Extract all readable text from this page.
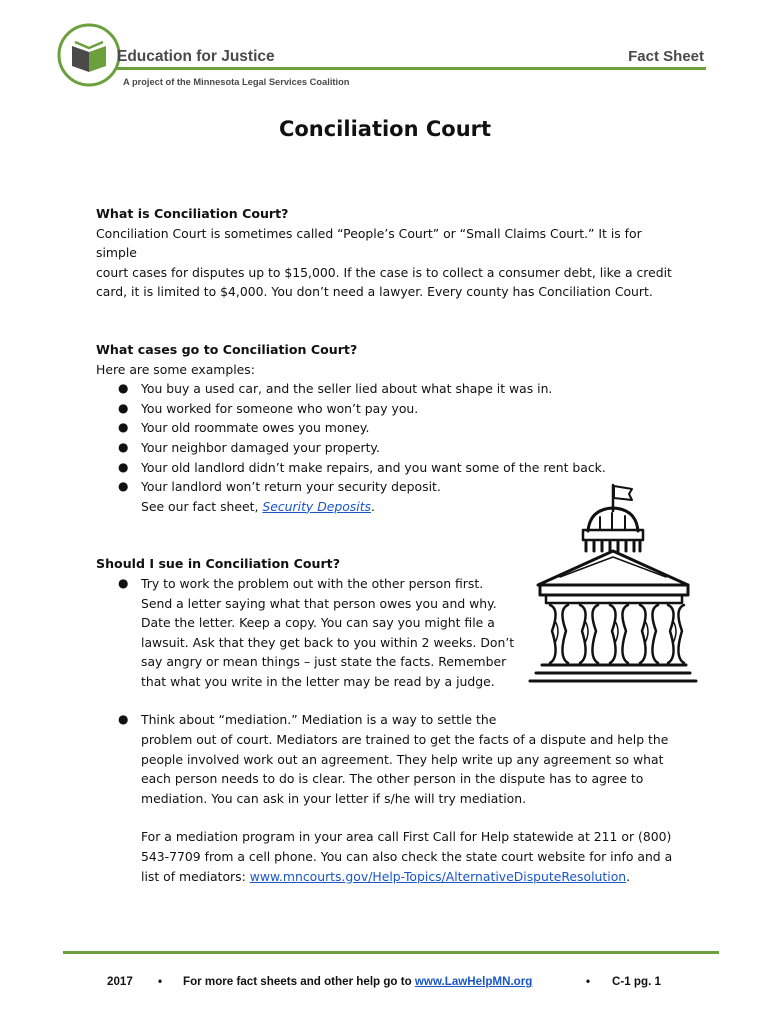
Education for Justice
A project of the Minnesota Legal Services Coalition
Fact Sheet
Conciliation Court
What is Conciliation Court?

Conciliation Court is sometimes called “People’s Court” or “Small Claims Court.” It is for simple

court cases for disputes up to $15,000. If the case is to collect a consumer debt, like a credit

card, it is limited to $4,000. You don’t need a lawyer. Every county has Conciliation Court.

What cases go to Conciliation Court?

Here are some examples:

● You buy a used car, and the seller lied about what shape it was in.
● You worked for someone who won’t pay you.
● Your old roommate owes you money.
● Your neighbor damaged your property.
● Your old landlord didn’t make repairs, and you want some of the rent back.
● Your landlord won’t return your security deposit.
See our fact sheet, Security Deposits.
Should I sue in Conciliation Court?
● Try to work the problem out with the other person first.
Send a letter saying what that person owes you and why.
Date the letter. Keep a copy. You can say you might file a
lawsuit. Ask that they get back to you within 2 weeks. Don’t
say angry or mean things – just state the facts. Remember
that what you write in the letter may be read by a judge.
● Think about “mediation.” Mediation is a way to settle the
problem out of court. Mediators are trained to get the facts of a dispute and help the
people involved work out an agreement. They help write up any agreement so what
each person needs to do is clear. The other person in the dispute has to agree to
mediation. You can ask in your letter if s/he will try mediation.
For a mediation program in your area call First Call for Help statewide at 211 or (800)
543-7709 from a cell phone. You can also check the state court website for info and a
list of mediators: www.mncourts.gov/Help-Topics/AlternativeDisputeResolution.
2017 • For more fact sheets and other help go to www.LawHelpMN.org	• C-1 pg. 1
